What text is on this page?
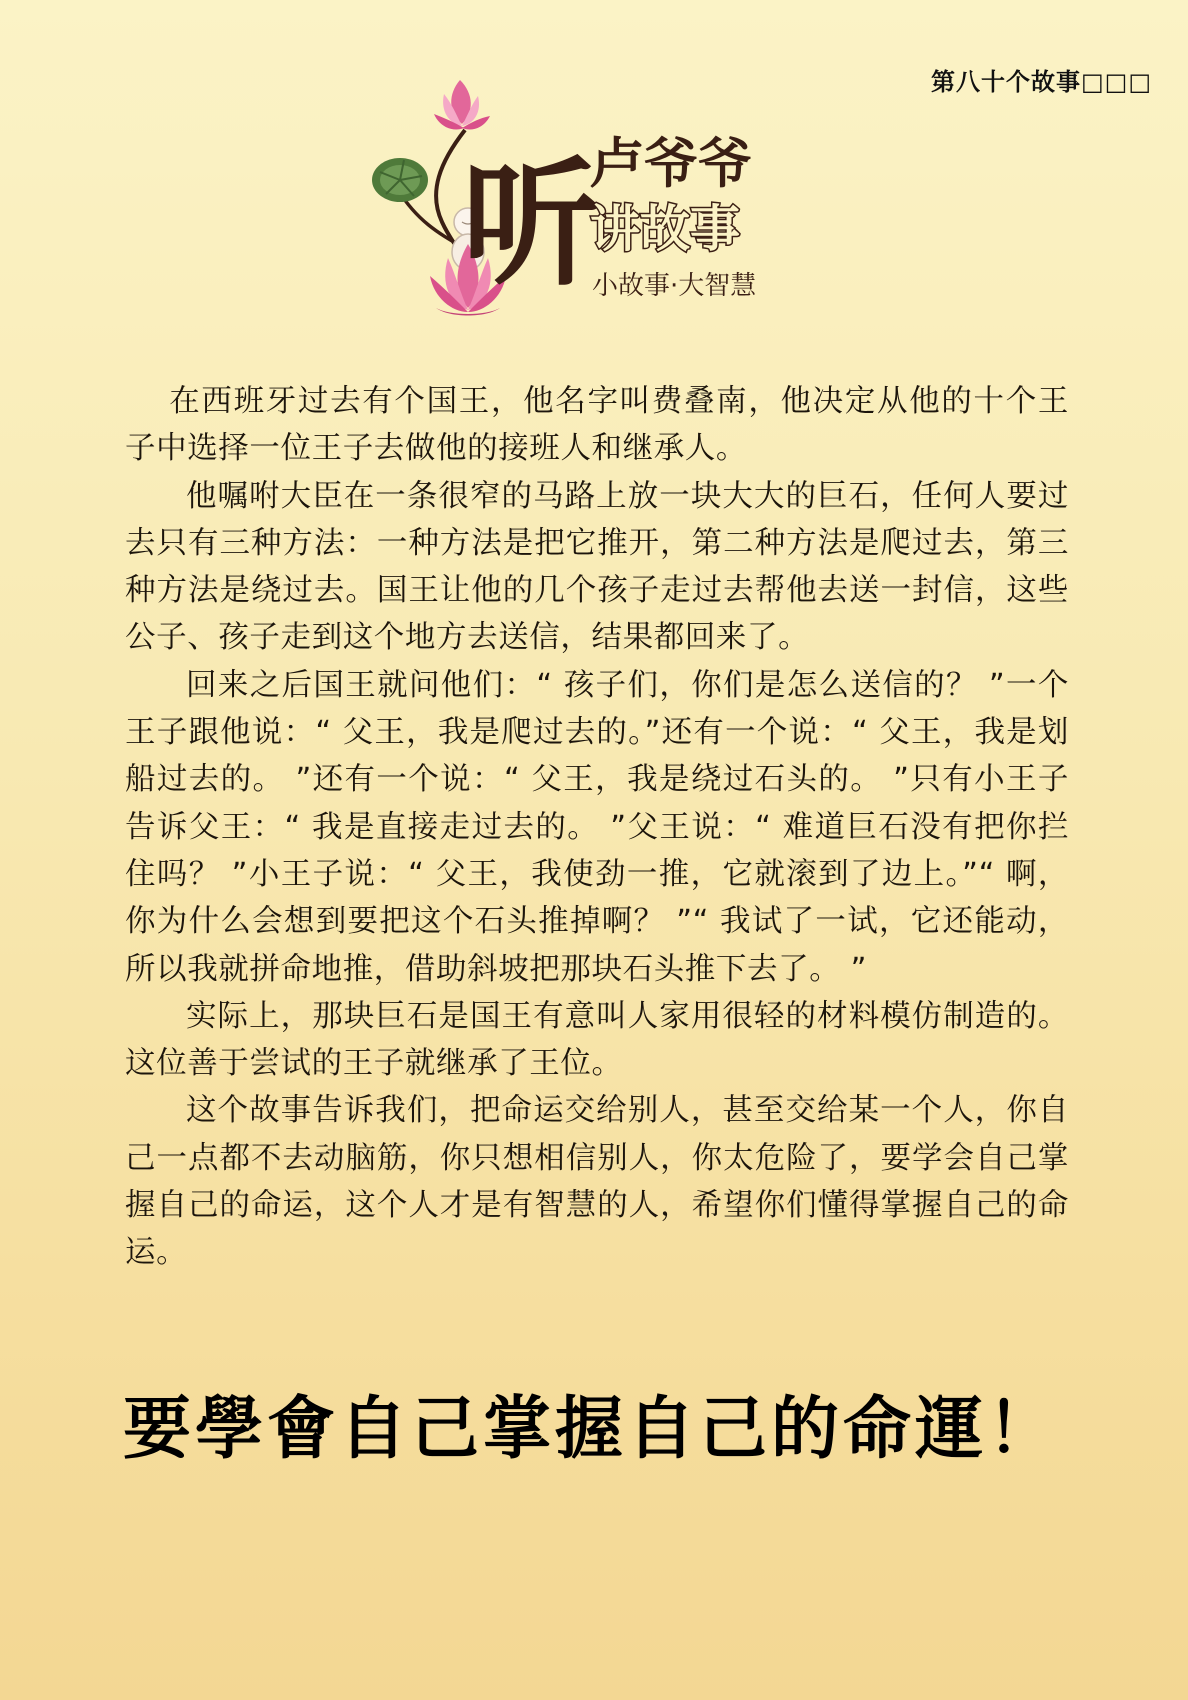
第八十个故事□□□
听
卢爷爷
讲故事
小故事·大智慧

在西班牙过去有个国王，他名字叫费叠南，他决定从他的十个王子中选择一位王子去做他的接班人和继承人。

他嘱咐大臣在一条很窄的马路上放一块大大的巨石，任何人要过去只有三种方法：一种方法是把它推开，第二种方法是爬过去，第三种方法是绕过去。国王让他的几个孩子走过去帮他去送一封信，这些公子、孩子走到这个地方去送信，结果都回来了。

回来之后国王就问他们：“ 孩子们，你们是怎么送信的？ ”一个王子跟他说：“ 父王，我是爬过去的。”还有一个说：“ 父王，我是划船过去的。 ”还有一个说：“ 父王，我是绕过石头的。 ”只有小王子告诉父王：“ 我是直接走过去的。 ”父王说：“ 难道巨石没有把你拦住吗？ ”小王子说：“ 父王，我使劲一推，它就滚到了边上。”“ 啊，你为什么会想到要把这个石头推掉啊？ ”“ 我试了一试，它还能动，所以我就拼命地推，借助斜坡把那块石头推下去了。 ”

实际上，那块巨石是国王有意叫人家用很轻的材料模仿制造的。这位善于尝试的王子就继承了王位。

这个故事告诉我们，把命运交给别人，甚至交给某一个人，你自己一点都不去动脑筋，你只想相信别人，你太危险了，要学会自己掌握自己的命运，这个人才是有智慧的人，希望你们懂得掌握自己的命运。

要學會自己掌握自己的命運！
